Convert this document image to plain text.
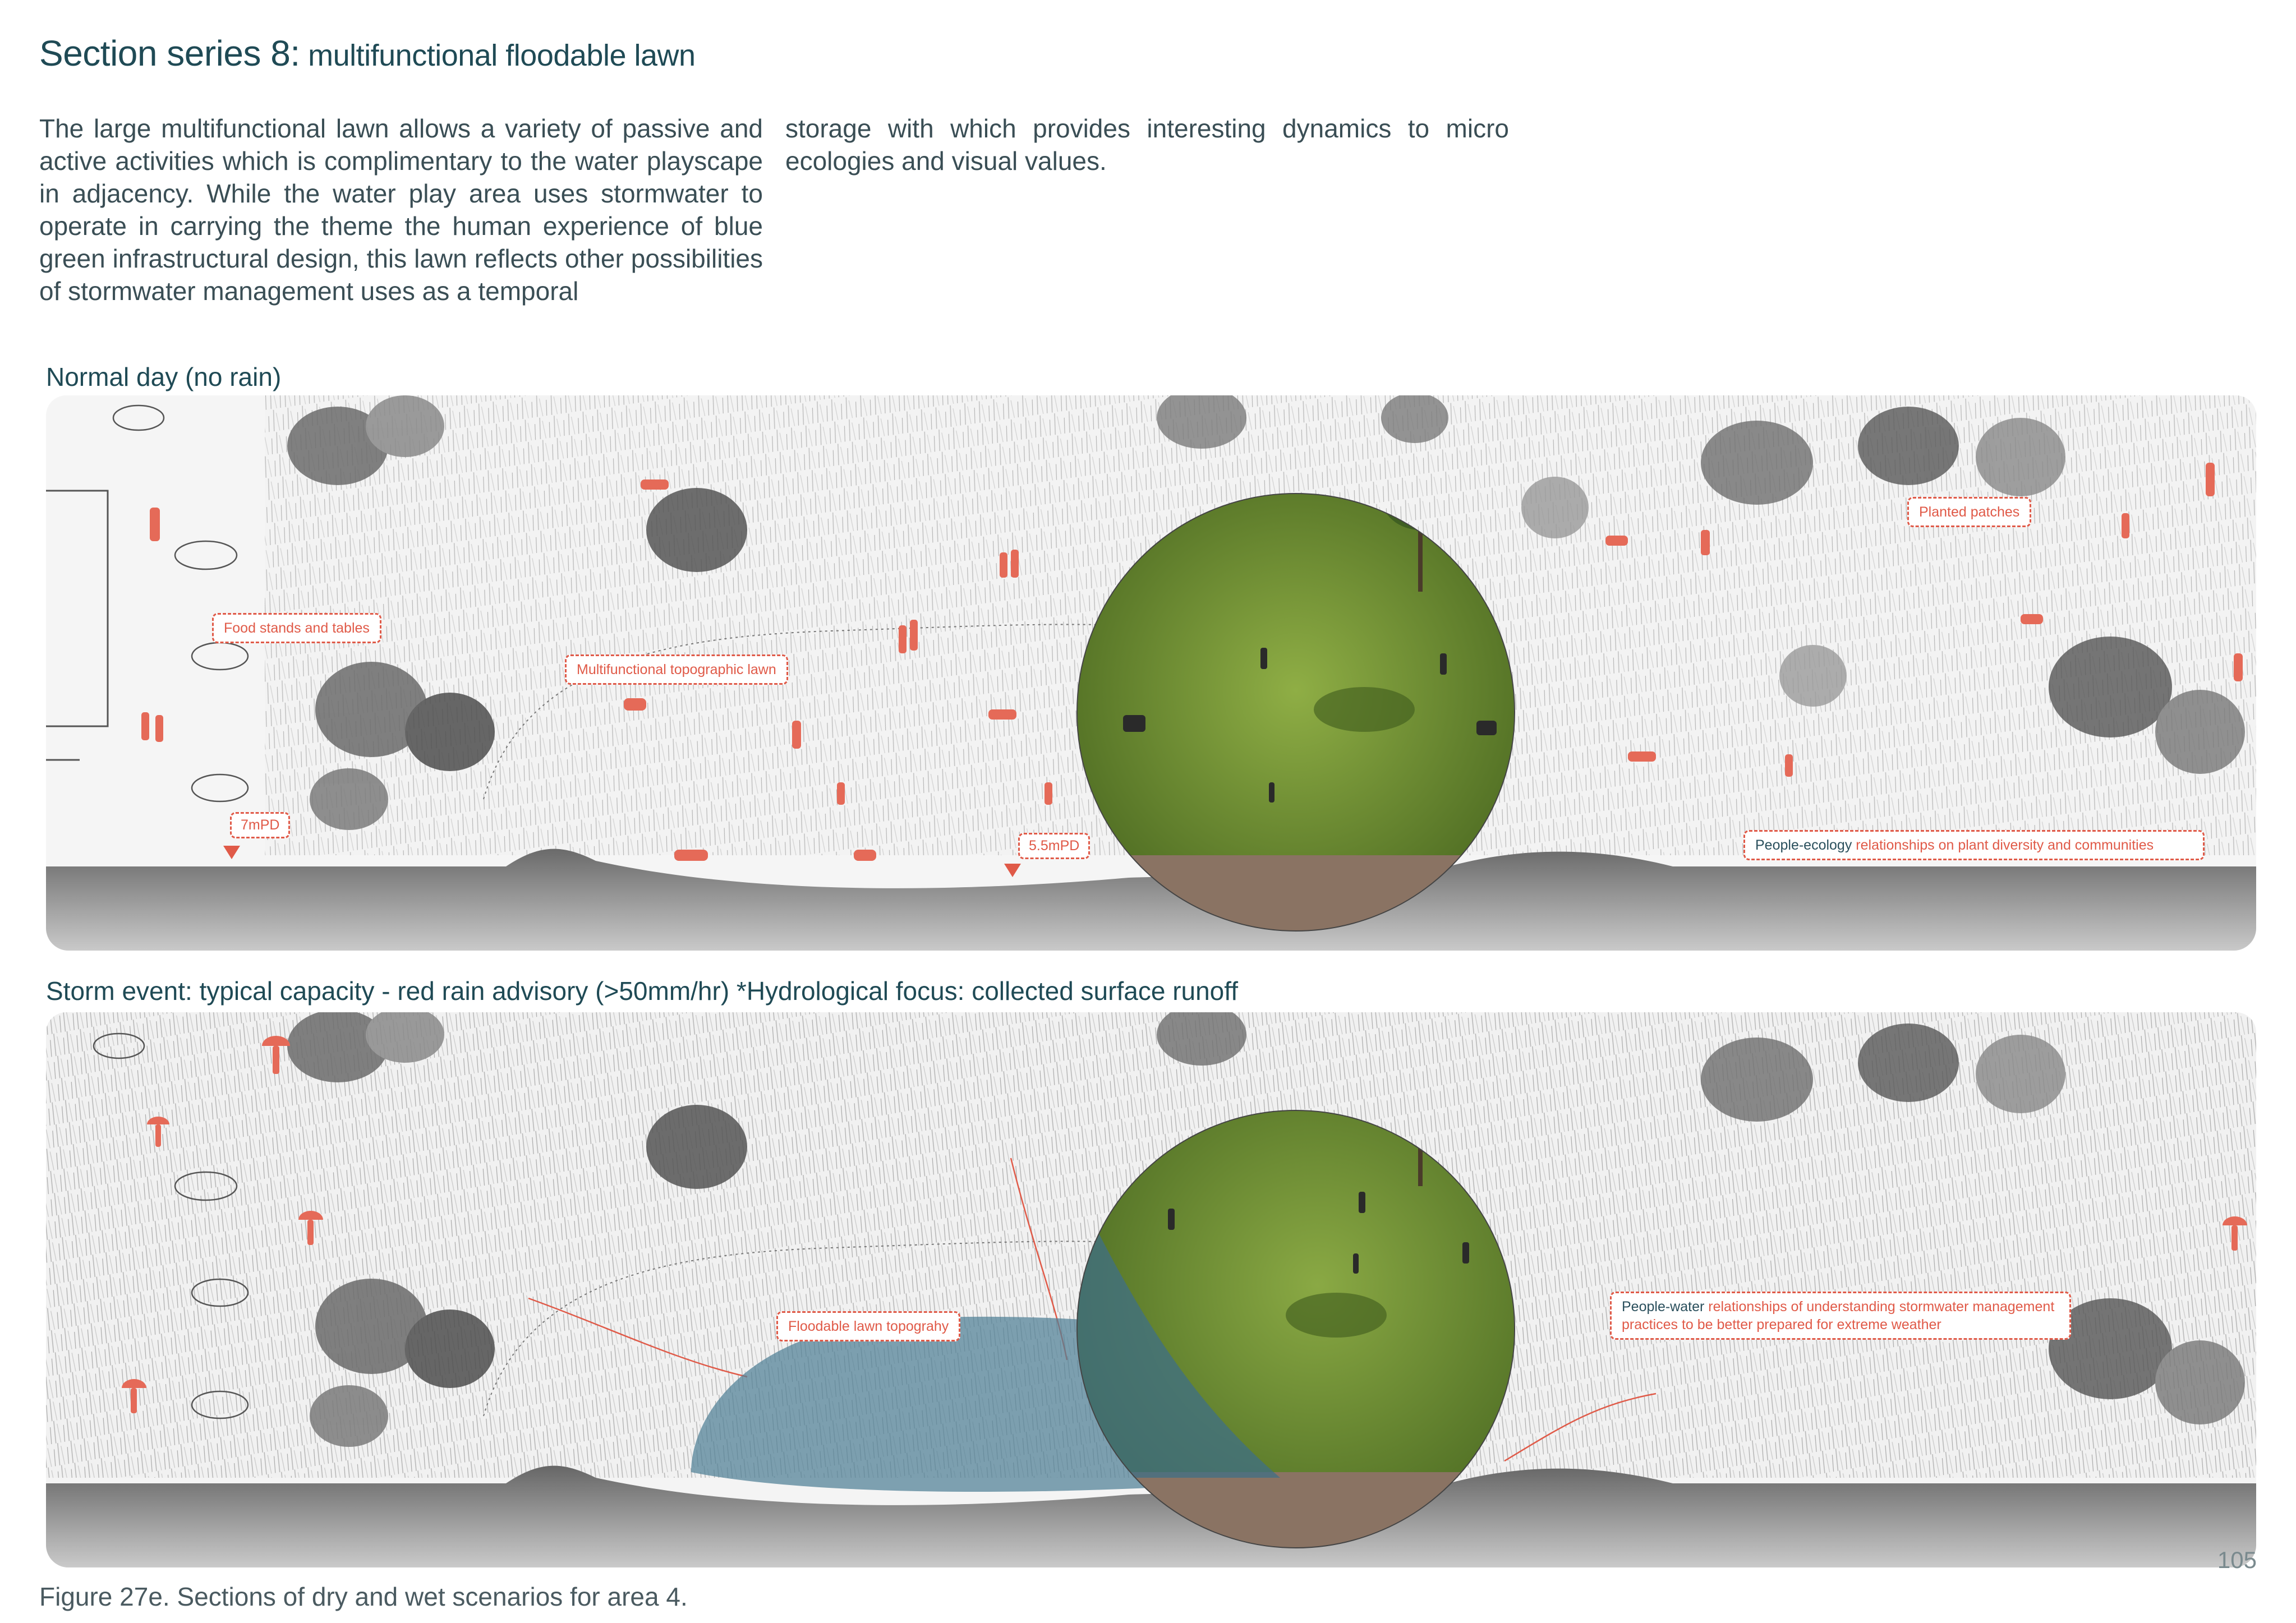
Section series 8: multifunctional floodable lawn
The large multifunctional lawn allows a variety of passive and active activities which is complimentary to the water playscape in adjacency. While the water play area uses stormwater to operate in carrying the theme the human experience of blue green infrastructural design, this lawn reflects other possibilities of stormwater management uses as a temporal
storage with which provides interesting dynamics to micro ecologies and visual values.
Normal day (no rain)
Food stands and tables
Multifunctional topographic lawn
Planted patches
People-ecology relationships on plant diversity and communities
7mPD
5.5mPD
Storm event: typical capacity - red rain advisory (>50mm/hr) *Hydrological focus: collected surface runoff
Floodable lawn topograhy
People-water relationships of understanding stormwater management practices to be better prepared for extreme weather
105
Figure 27e. Sections of dry and wet scenarios for area 4.
